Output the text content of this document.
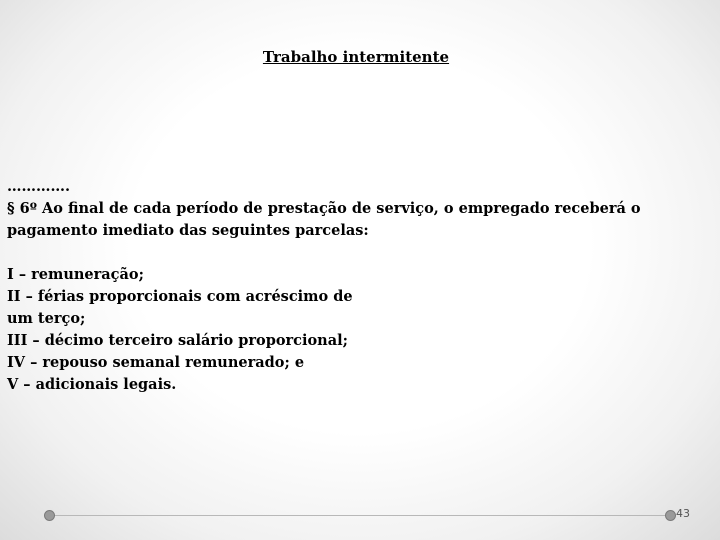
Trabalho intermitente

………….

§ 6º Ao final de cada período de prestação de serviço, o empregado receberá o

pagamento imediato das seguintes parcelas:

I – remuneração;

II – férias proporcionais com acréscimo de

um terço;

III – décimo terceiro salário proporcional;

IV – repouso semanal remunerado; e

V – adicionais legais.

43
